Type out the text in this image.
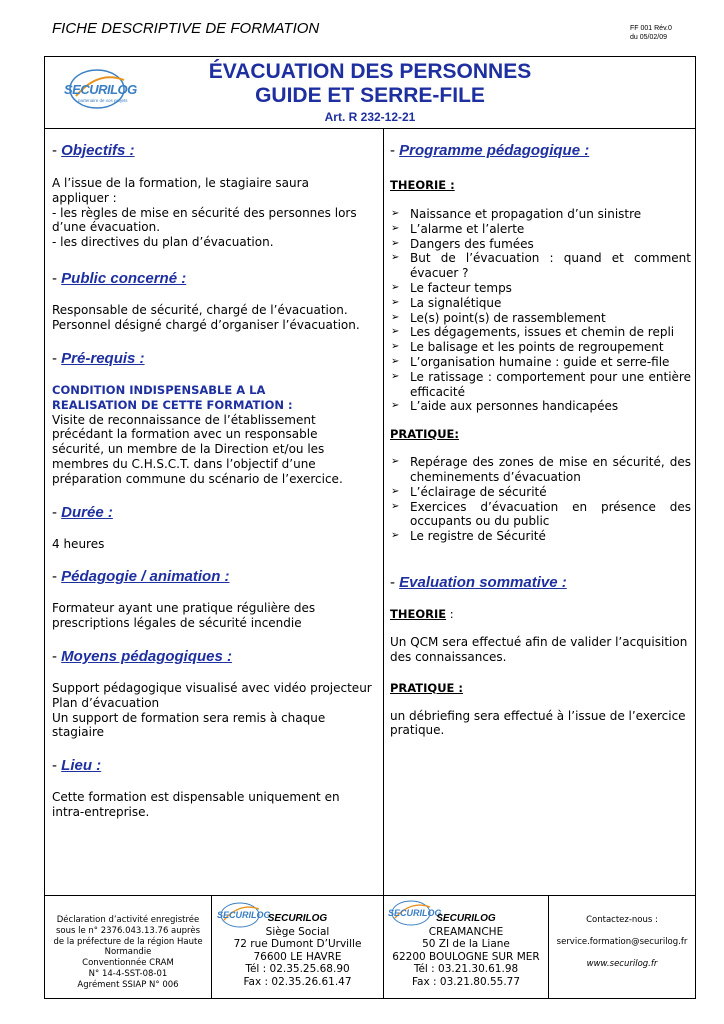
FICHE DESCRIPTIVE DE FORMATION	FF 001 Rév.0
du 05/02/09
SECURILOG
partenaire de vos projets
ÉVACUATION DES PERSONNES
GUIDE ET SERRE-FILE
Art. R 232-12-21
- Objectifs :
A l’issue de la formation, le stagiaire saura
appliquer :
- les règles de mise en sécurité des personnes lors
d’une évacuation.
- les directives du plan d’évacuation.
- Public concerné :
Responsable de sécurité, chargé de l’évacuation.
Personnel désigné chargé d’organiser l’évacuation.
- Pré-requis :
CONDITION INDISPENSABLE A LA
REALISATION DE CETTE FORMATION :
Visite de reconnaissance de l’établissement
précédant la formation avec un responsable
sécurité, un membre de la Direction et/ou les
membres du C.H.S.C.T. dans l’objectif d’une
préparation commune du scénario de l’exercice.
- Durée :
4 heures
- Pédagogie / animation :
Formateur ayant une pratique régulière des
prescriptions légales de sécurité incendie
- Moyens pédagogiques :
Support pédagogique visualisé avec vidéo projecteur
Plan d’évacuation
Un support de formation sera remis à chaque
stagiaire
- Lieu :
Cette formation est dispensable uniquement en
intra-entreprise.
- Programme pédagogique :
THEORIE :
➢ Naissance et propagation d’un sinistre
➢ L’alarme et l’alerte
➢ Dangers des fumées
➢ But de l’évacuation : quand et comment évacuer ?
➢ Le facteur temps
➢ La signalétique
➢ Le(s) point(s) de rassemblement
➢ Les dégagements, issues et chemin de repli
➢ Le balisage et les points de regroupement
➢ L’organisation humaine : guide et serre-file
➢ Le ratissage : comportement pour une entière efficacité
➢ L’aide aux personnes handicapées
PRATIQUE:
➢ Repérage des zones de mise en sécurité, des cheminements d’évacuation
➢ L’éclairage de sécurité
➢ Exercices d’évacuation en présence des occupants ou du public
➢ Le registre de Sécurité
- Evaluation sommative :
THEORIE :
Un QCM sera effectué afin de valider l’acquisition
des connaissances.
PRATIQUE :
un débriefing sera effectué à l’issue de l’exercice
pratique.
Déclaration d’activité enregistrée
sous le n° 2376.043.13.76 auprès
de la préfecture de la région Haute
Normandie
Conventionnée CRAM
N° 14-4-SST-08-01
Agrément SSIAP N° 006
SECURILOG
SECURILOG
Siège Social
72 rue Dumont D’Urville
76600 LE HAVRE
Tél : 02.35.25.68.90
Fax : 02.35.26.61.47
SECURILOG
SECURILOG
CREAMANCHE
50 ZI de la Liane
62200 BOULOGNE SUR MER
Tél : 03.21.30.61.98
Fax : 03.21.80.55.77
Contactez-nous :
service.formation@securilog.fr
www.securilog.fr
